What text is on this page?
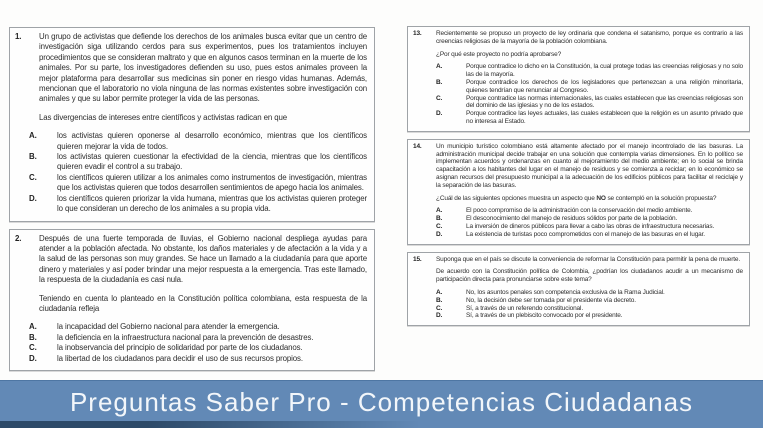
1.	Un grupo de activistas que defiende los derechos de los animales busca evitar que un centro de investigación siga utilizando cerdos para sus experimentos, pues los tratamientos incluyen procedimientos que se consideran maltrato y que en algunos casos terminan en la muerte de los animales. Por su parte, los investigadores defienden su uso, pues estos animales proveen la mejor plataforma para desarrollar sus medicinas sin poner en riesgo vidas humanas. Además, mencionan que el laboratorio no viola ninguna de las normas existentes sobre investigación con animales y que su labor permite proteger la vida de las personas.

Las divergencias de intereses entre científicos y activistas radican en que

A.	los activistas quieren oponerse al desarrollo económico, mientras que los científicos quieren mejorar la vida de todos.
B.	los activistas quieren cuestionar la efectividad de la ciencia, mientras que los científicos quieren evadir el control a su trabajo.
C.	los científicos quieren utilizar a los animales como instrumentos de investigación, mientras que los activistas quieren que todos desarrollen sentimientos de apego hacia los animales.
D.	los científicos quieren priorizar la vida humana, mientras que los activistas quieren proteger lo que consideran un derecho de los animales a su propia vida.
2.	Después de una fuerte temporada de lluvias, el Gobierno nacional despliega ayudas para atender a la población afectada. No obstante, los daños materiales y de afectación a la vida y a la salud de las personas son muy grandes. Se hace un llamado a la ciudadanía para que aporte dinero y materiales y así poder brindar una mejor respuesta a la emergencia. Tras este llamado, la respuesta de la ciudadanía es casi nula.

Teniendo en cuenta lo planteado en la Constitución política colombiana, esta respuesta de la ciudadanía refleja

A.	la incapacidad del Gobierno nacional para atender la emergencia.
B.	la deficiencia en la infraestructura nacional para la prevención de desastres.
C.	la inobservancia del principio de solidaridad por parte de los ciudadanos.
D.	la libertad de los ciudadanos para decidir el uso de sus recursos propios.
13.	Recientemente se propuso un proyecto de ley ordinaria que condena el satanismo, porque es contrario a las creencias religiosas de la mayoría de la población colombiana.

¿Por qué este proyecto no podría aprobarse?

A.	Porque contradice lo dicho en la Constitución, la cual protege todas las creencias religiosas y no solo las de la mayoría.
B.	Porque contradice los derechos de los legisladores que pertenezcan a una religión minoritaria, quienes tendrían que renunciar al Congreso.
C.	Porque contradice las normas internacionales, las cuales establecen que las creencias religiosas son del dominio de las iglesias y no de los estados.
D.	Porque contradice las leyes actuales, las cuales establecen que la religión es un asunto privado que no interesa al Estado.
14.	Un municipio turístico colombiano está altamente afectado por el manejo incontrolado de las basuras. La administración municipal decide trabajar en una solución que contempla varias dimensiones. En lo político se implementan acuerdos y ordenanzas en cuanto al mejoramiento del medio ambiente; en lo social se brinda capacitación a los habitantes del lugar en el manejo de residuos y se comienza a reciclar; en lo económico se asignan recursos del presupuesto municipal a la adecuación de los edificios públicos para facilitar el reciclaje y la separación de las basuras.

¿Cuál de las siguientes opciones muestra un aspecto que NO se contempló en la solución propuesta?

A.	El poco compromiso de la administración con la conservación del medio ambiente.
B.	El desconocimiento del manejo de residuos sólidos por parte de la población.
C.	La inversión de dineros públicos para llevar a cabo las obras de infraestructura necesarias.
D.	La existencia de turistas poco comprometidos con el manejo de las basuras en el lugar.
15.	Suponga que en el país se discute la conveniencia de reformar la Constitución para permitir la pena de muerte.

De acuerdo con la Constitución política de Colombia, ¿podrían los ciudadanos acudir a un mecanismo de participación directa para pronunciarse sobre este tema?

A.	No, los asuntos penales son competencia exclusiva de la Rama Judicial.
B.	No, la decisión debe ser tomada por el presidente vía decreto.
C.	Sí, a través de un referendo constitucional.
D.	Sí, a través de un plebiscito convocado por el presidente.
Preguntas Saber Pro - Competencias Ciudadanas
